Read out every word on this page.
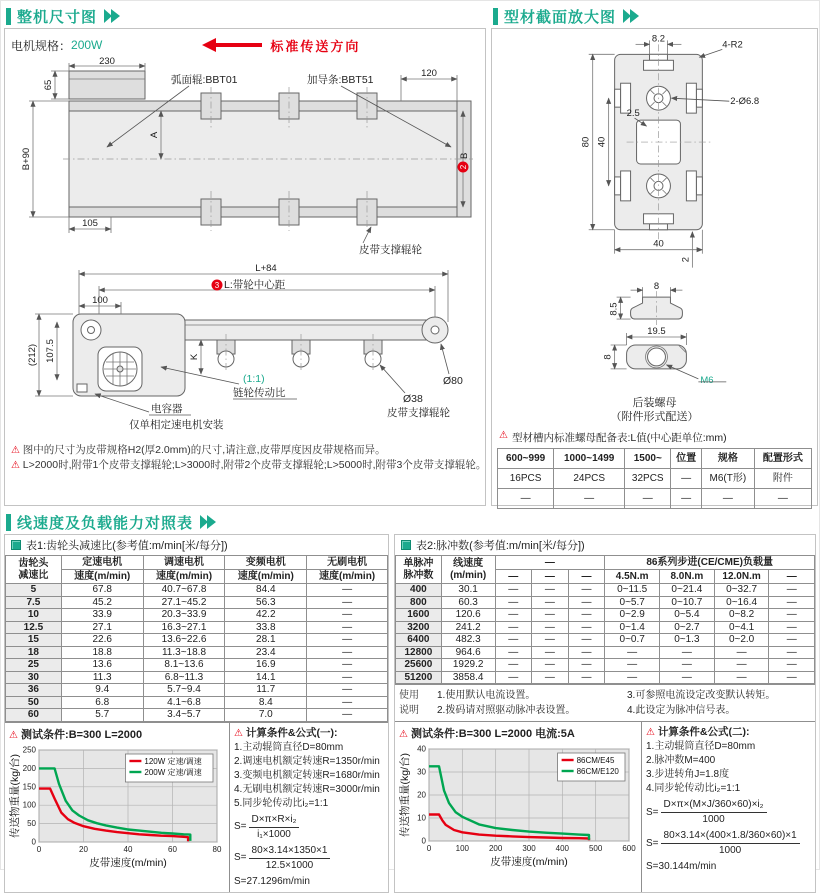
整机尺寸图
电机规格： 200W	标准传送方向
弧面辊:BBT01	加导条:BBT51
皮带支撑辊轮
230
65
B+90
A
120
2
B
105

L+84
3 L:带轮中心距
100
(212) 107.5	K
(1:1)
链轮传动比
电容器
仅单相定速电机安装
Ø80
Ø38
皮带支撑辊轮
⚠ 图中的尺寸为皮带规格H2(厚2.0mm)的尺寸,请注意,皮带厚度因皮带规格而异。
⚠ L>2000时,附带1个皮带支撑辊轮;L>3000时,附带2个皮带支撑辊轮;L>5000时,附带3个皮带支撑辊轮。
型材截面放大图
8.2
4-R2
2-Ø6.8
2.5
80 40
40
2

8
8.5
19.5
8
M6
后装螺母
（附件形式配送）
⚠ 型材槽内标准螺母配备表:L值(中心距单位:mm)
600~999	1000~1499	1500~	位置	规格	配置形式
16PCS	24PCS	32PCS	—	M6(T形)	附件
—	—	—	—	—	—
线速度及负载能力对照表
表1:齿轮头减速比(参考值:m/min[米/每分])
齿轮头
减速比	定速电机	调速电机	变频电机	无刷电机
	速度(m/min)	速度(m/min)	速度(m/min)	速度(m/min)
5	67.8	40.7~67.8	84.4	—
7.5	45.2	27.1~45.2	56.3	—
10	33.9	20.3~33.9	42.2	—
12.5	27.1	16.3~27.1	33.8	—
15	22.6	13.6~22.6	28.1	—
18	18.8	11.3~18.8	23.4	—
25	13.6	8.1~13.6	16.9	—
30	11.3	6.8~11.3	14.1	—
36	9.4	5.7~9.4	11.7	—
50	6.8	4.1~6.8	8.4	—
60	5.7	3.4~5.7	7.0	—
⚠ 测试条件:B=300 L=2000
0	20	40	60	80
0
50
100
150
200
250
120W 定速/调速
200W 定速/调速
皮带速度(m/min)
传送物重量(kg/台)
⚠ 计算条件&公式(一):
1.主动辊筒直径D=80mm
2.调速电机额定转速R=1350r/min
3.变频电机额定转速R=1680r/min
4.无刷电机额定转速R=3000r/min
5.同步轮传动比i₂=1:1
$S= \frac{\text{D×π×R×i₂}}{\text{i₁×1000}}$
$S= \frac{80\times 3.14\times 1350\times 1}{12.5\times 1000}$
S=27.1296m/min
表2:脉冲数(参考值:m/min[米/每分])
单脉冲
脉冲数	线速度
(m/min)	—			86系列步进(CE/CME)负载量			
		—	—	—	4.5N.m	8.0N.m	12.0N.m	—
400	30.1	—	—	—	0~11.5	0~21.4	0~32.7	—
800	60.3	—	—	—	0~5.7	0~10.7	0~16.4	—
1600	120.6	—	—	—	0~2.9	0~5.4	0~8.2	—
3200	241.2	—	—	—	0~1.4	0~2.7	0~4.1	—
6400	482.3	—	—	—	0~0.7	0~1.3	0~2.0	—
12800	964.6	—	—	—	—	—	—	—
25600	1929.2	—	—	—	—	—	—	—
51200	3858.4	—	—	—	—	—	—	—
使用
说明
1.使用默认电流设置。
2.拨码请对照驱动脉冲表设置。
3.可参照电流设定改变默认转矩。
4.此设定为脉冲信号表。
⚠ 测试条件:B=300 L=2000 电流:5A
0	100 200 300 400 500 600
0
10
20
30
40
86CM/E45
86CM/E120
皮带速度(m/min)
传送物重量(kg/台)
⚠ 计算条件&公式(二):
1.主动辊筒直径D=80mm
2.脉冲数M=400
3.步进转角J=1.8度
4.同步轮传动比i₂=1:1
$S= \frac{\text{D×π×(M×J/360×60)×i₂}}{1000}$
$S= \frac{80\times 3.14\times(400\times 1.8/360\times 60)\times 1}{1000}$
S=30.144m/min
